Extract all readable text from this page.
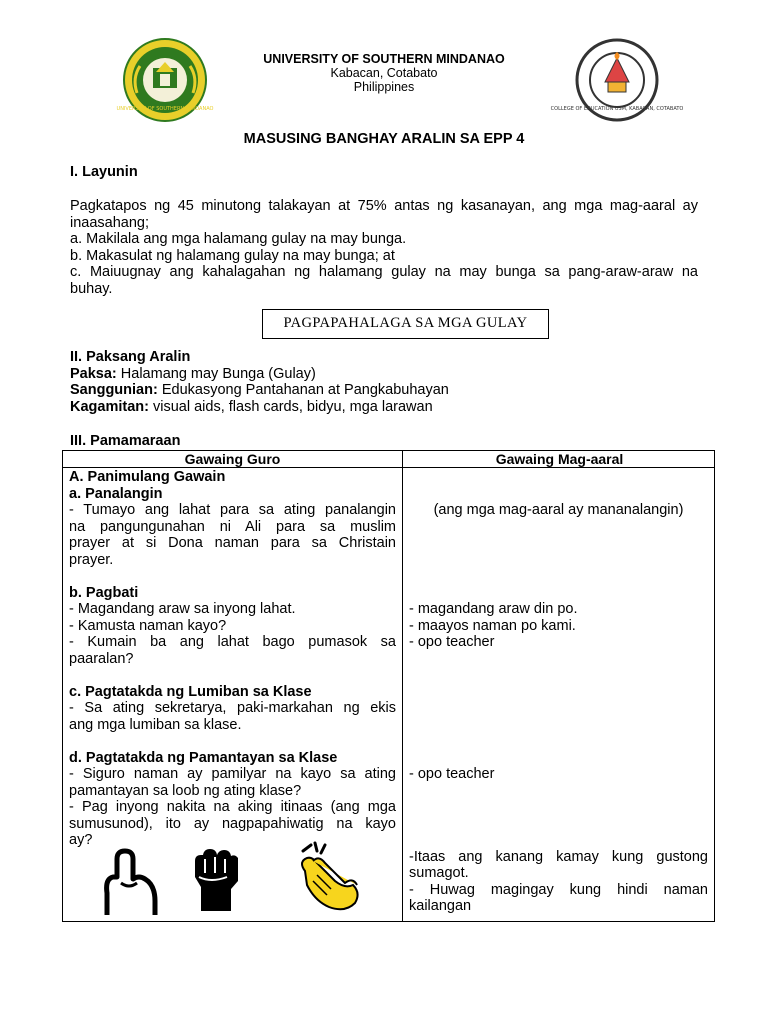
UNIVERSITY OF SOUTHERN MINDANAO
UNIVERSITY OF SOUTHERN MINDANAO
Kabacan, Cotabato
Philippines
COLLEGE OF EDUCATION USM, KABACAN, COTABATO
MASUSING BANGHAY ARALIN SA EPP 4
I. Layunin
Pagkatapos ng 45 minutong talakayan at 75% antas ng kasanayan, ang mga mag-aaral ay
inaasahang;
a. Makilala ang mga halamang gulay na may bunga.
b. Makasulat ng halamang gulay na may bunga; at
c. Maiuugnay ang kahalagahan ng halamang gulay na may bunga sa pang-araw-araw na
buhay.
PAGPAPAHALAGA SA MGA GULAY
II. Paksang Aralin
Paksa: Halamang may Bunga (Gulay)
Sanggunian: Edukasyong Pantahanan at Pangkabuhayan
Kagamitan: visual aids, flash cards, bidyu, mga larawan
III. Pamamaraan
Gawaing Guro	Gawaing Mag-aaral
A. Panimulang Gawain
a. Panalangin
- Tumayo ang lahat para sa ating panalangin
na pangungunahan ni Ali para sa muslim
prayer at si Dona naman para sa Christain
prayer.
b. Pagbati
- Magandang araw sa inyong lahat.
- Kamusta naman kayo?
- Kumain ba ang lahat bago pumasok sa
paaralan?
c. Pagtatakda ng Lumiban sa Klase
- Sa ating sekretarya, paki-markahan ng ekis
ang mga lumiban sa klase.
d. Pagtatakda ng Pamantayan sa Klase
- Siguro naman ay pamilyar na kayo sa ating
pamantayan sa loob ng ating klase?
- Pag inyong nakita na aking itinaas (ang mga
sumusunod), ito ay nagpapahiwatig na kayo
ay?
(ang mga mag-aaral ay mananalangin)
- magandang araw din po.
- maayos naman po kami.
- opo teacher
- opo teacher
-Itaas ang kanang kamay kung gustong
sumagot.
- Huwag magingay kung hindi naman
kailangan
